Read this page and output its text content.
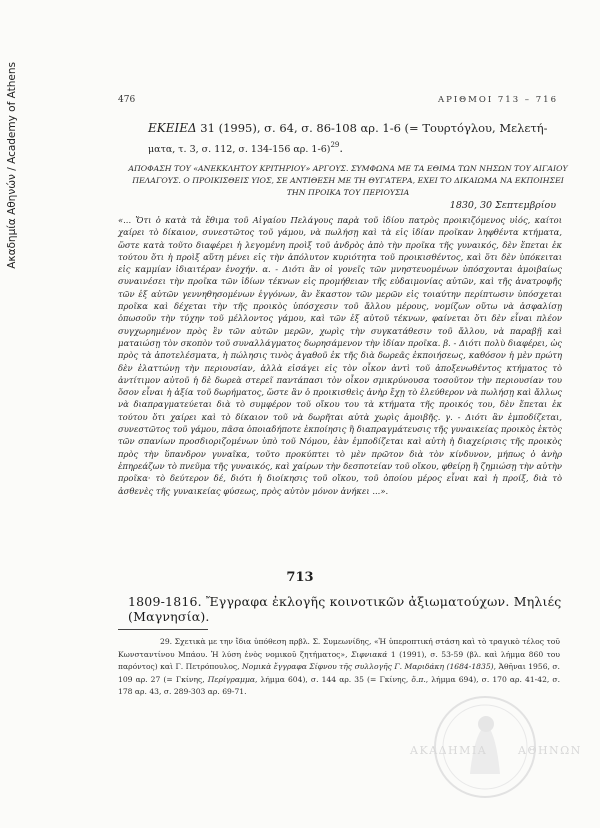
Ακαδημία Αθηνών / Academy of Athens	476	ΑΡΙΘΜΟΙ 713 – 716
ΕΚΕΙΕΔ 31 (1995), σ. 64, σ. 86-108 αρ. 1-6 (= Τουρτόγλου, Μελετή-
ματα, τ. 3, σ. 112, σ. 134-156 αρ. 1-6)$^{29}$.
ΑΠΟΦΑΣΗ ΤΟΥ «ΑΝΕΚΚΛΗΤΟΥ ΚΡΙΤΗΡΙΟΥ» ΑΡΓΟΥΣ. ΣΥΜΦΩΝΑ ΜΕ ΤΑ ΕΘΙΜΑ ΤΩΝ ΝΗΣΩΝ ΤΟΥ ΑΙΓΑΙΟΥ ΠΕΛΑΓΟΥΣ. Ο ΠΡΟΙΚΙΣΘΕΙΣ ΥΙΟΣ, ΣΕ ΑΝΤΙΘΕΣΗ ΜΕ ΤΗ ΘΥΓΑΤΕΡΑ, ΕΧΕΙ ΤΟ ΔΙΚΑΙΩΜΑ ΝΑ ΕΚΠΟΙΗΣΕΙ ΤΗΝ ΠΡΟΙΚΑ ΤΟΥ ΠΕΡΙΟΥΣΙΑ
1830, 30 Σεπτεμβρίου
«... Ὅτι ὁ κατὰ τὰ ἔθιμα τοῦ Αἰγαίου Πελάγους παρὰ τοῦ ἰδίου πατρὸς προικιζόμενος υἱός, καίτοι χαίρει τὸ δίκαιον, συνεστῶτος τοῦ γάμου, νὰ πωλήσῃ καὶ τὰ εἰς ἰδίαν προῖκαν ληφθέντα κτήματα, ὥστε κατὰ τοῦτο διαφέρει ἡ λεγομένη προὶξ τοῦ ἀνδρὸς ἀπὸ τὴν προῖκα τῆς γυναικός, δὲν ἕπεται ἐκ τούτου ὅτι ἡ προὶξ αὕτη μένει εἰς τὴν ἀπόλυτον κυριότητα τοῦ προικισθέντος, καὶ ὅτι δὲν ὑπόκειται εἰς καμμίαν ἰδιαιτέραν ἐνοχήν. α. - Διότι ἂν οἱ γονεῖς τῶν μνηστευομένων ὑπόσχονται ἀμοιβαίως συναινέσει τὴν προῖκα τῶν ἰδίων τέκνων εἰς προμήθειαν τῆς εὐδαιμονίας αὐτῶν, καὶ τῆς ἀνατροφῆς τῶν ἐξ αὐτῶν γεννηθησομένων ἐγγόνων, ἂν ἕκαστον τῶν μερῶν εἰς τοιαύτην περίπτωσιν ὑπόσχεται προῖκα καὶ δέχεται τὴν τῆς προικὸς ὑπόσχεσιν τοῦ ἄλλου μέρους, νομίζων οὕτω νὰ ἀσφαλίσῃ ὁπωσοῦν τὴν τύχην τοῦ μέλλοντος γάμου, καὶ τῶν ἐξ αὐτοῦ τέκνων, φαίνεται ὅτι δὲν εἶναι πλέον συγχωρημένον πρὸς ἓν τῶν αὐτῶν μερῶν, χωρὶς τὴν συγκατάθεσιν τοῦ ἄλλου, νὰ παραβῇ καὶ ματαιώσῃ τὸν σκοπὸν τοῦ συναλλάγματος δωρησάμενον τὴν ἰδίαν προῖκα. β. - Διότι πολὺ διαφέρει, ὡς πρὸς τὰ ἀποτελέσματα, ἡ πώλησις τινὸς ἀγαθοῦ ἐκ τῆς διὰ δωρεᾶς ἐκποιήσεως, καθόσον ἡ μὲν πρώτη δὲν ἐλαττώνῃ τὴν περιουσίαν, ἀλλὰ εἰσάγει εἰς τὸν οἶκον ἀντὶ τοῦ ἀποξενωθέντος κτήματος τὸ ἀντίτιμον αὐτοῦ ἡ δὲ δωρεὰ στερεῖ παντάπασι τὸν οἶκον σμικρύνουσα τοσοῦτον τὴν περιουσίαν του ὅσον εἶναι ἡ ἀξία τοῦ δωρήματος, ὥστε ἂν ὁ προικισθεὶς ἀνὴρ ἔχῃ τὸ ἐλεύθερον νὰ πωλήσῃ καὶ ἄλλως νὰ διαπραγματεύεται διὰ τὸ συμφέρον τοῦ οἴκου του τὰ κτήματα τῆς προικός του, δὲν ἕπεται ἐκ τούτου ὅτι χαίρει καὶ τὸ δίκαιον τοῦ νὰ δωρῆται αὐτὰ χωρὶς ἀμοιβῆς. γ. - Διότι ἂν ἐμποδίζεται, συνεστῶτος τοῦ γάμου, πᾶσα ὁποιαδήποτε ἐκποίησις ἢ διαπραγμάτευσις τῆς γυναικείας προικὸς ἐκτὸς τῶν σπανίων προσδιοριζομένων ὑπὸ τοῦ Νόμου, ἐὰν ἐμποδίζεται καὶ αὐτὴ ἡ διαχείρισις τῆς προικὸς πρὸς τὴν ὕπανδρον γυναῖκα, τοῦτο προκύπτει τὸ μὲν πρῶτον διὰ τὸν κίνδυνον, μήπως ὁ ἀνὴρ ἐπηρεάζων τὸ πνεῦμα τῆς γυναικός, καὶ χαίρων τὴν δεσποτείαν τοῦ οἴκου, φθείρῃ ἢ ζημιώσῃ τὴν αὐτὴν προῖκα· τὸ δεύτερον δέ, διότι ἡ διοίκησις τοῦ οἴκου, τοῦ ὁποίου μέρος εἶναι καὶ ἡ προίξ, διὰ τὸ ἀσθενὲς τῆς γυναικείας φύσεως, πρὸς αὐτὸν μόνον ἀνήκει ...».
713
1809-1816. Ἔγγραφα ἐκλογῆς κοινοτικῶν ἀξιωματούχων. Μηλιές (Μαγνησία).
29. Σχετικὰ με την ἴδια ὑπόθεση πρβλ. Σ. Συμεωνίδης, «Ἡ ὑπεροπτική στάση καὶ τὸ τραγικὸ τέλος τοῦ Κωνσταντίνου Μπάου. Ἡ λύση ἑνὸς νομικοῦ ζητήματος», Σιφνιακά 1 (1991), σ. 53-59 (βλ. καὶ λήμμα 860 του παρόντος) καὶ Γ. Πετρόπουλος, Νομικὰ ἔγγραφα Σίφνου τῆς συλλογῆς Γ. Μαριδάκη (1684-1835), Ἀθῆναι 1956, σ. 109 αρ. 27 (= Γκίνης, Περίγραμμα, λήμμα 604), σ. 144 αρ. 35 (= Γκίνης, ὅ.π., λήμμα 694), σ. 170 αρ. 41-42, σ. 178 αρ. 43, σ. 289-303 αρ. 69-71.
ΑΚΑΔΗΜΙΑ	ΑΘΗΝΩΝ
